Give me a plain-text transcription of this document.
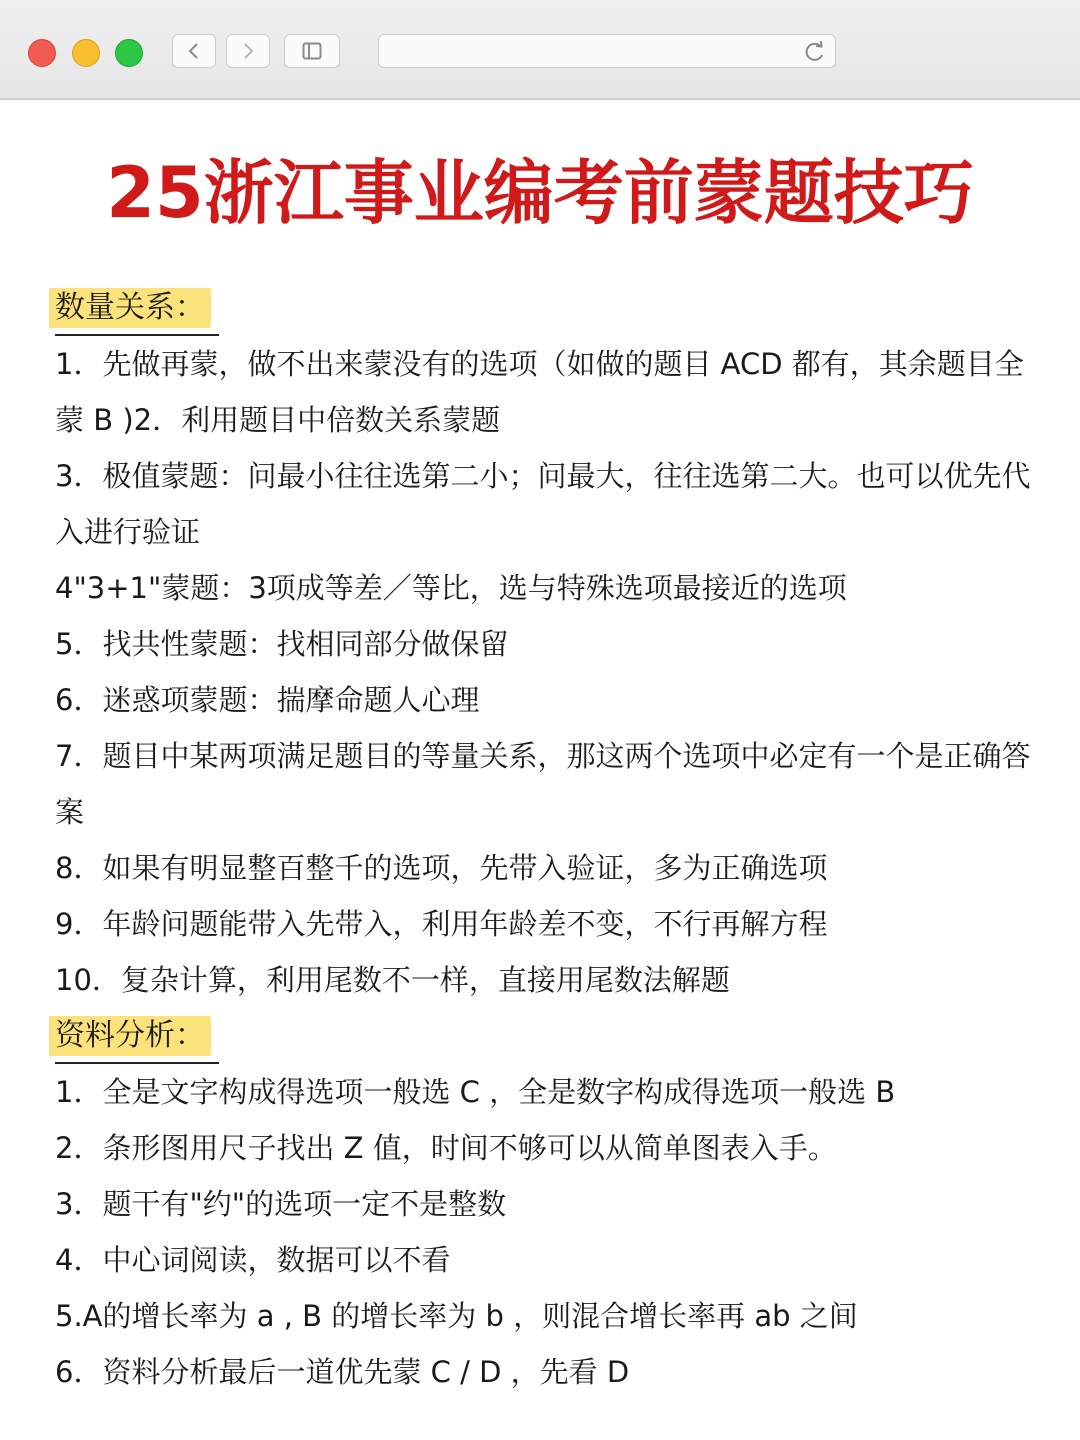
25浙江事业编考前蒙题技巧
数量关系：
1．先做再蒙，做不出来蒙没有的选项（如做的题目 ACD 都有，其余题目全蒙 B )2．利用题目中倍数关系蒙题
3．极值蒙题：问最小往往选第二小；问最大，往往选第二大。也可以优先代入进行验证
4"3+1"蒙题：3项成等差／等比，选与特殊选项最接近的选项
5．找共性蒙题：找相同部分做保留
6．迷惑项蒙题：揣摩命题人心理
7．题目中某两项满足题目的等量关系，那这两个选项中必定有一个是正确答案
8．如果有明显整百整千的选项，先带入验证，多为正确选项
9．年龄问题能带入先带入，利用年龄差不变，不行再解方程
10．复杂计算，利用尾数不一样，直接用尾数法解题
资料分析：
1．全是文字构成得选项一般选 C ，全是数字构成得选项一般选 B
2．条形图用尺子找出 Z 值，时间不够可以从简单图表入手。
3．题干有"约"的选项一定不是整数
4．中心词阅读，数据可以不看
5.A的增长率为 a , B 的增长率为 b ，则混合增长率再 ab 之间
6．资料分析最后一道优先蒙 C / D ，先看 D
